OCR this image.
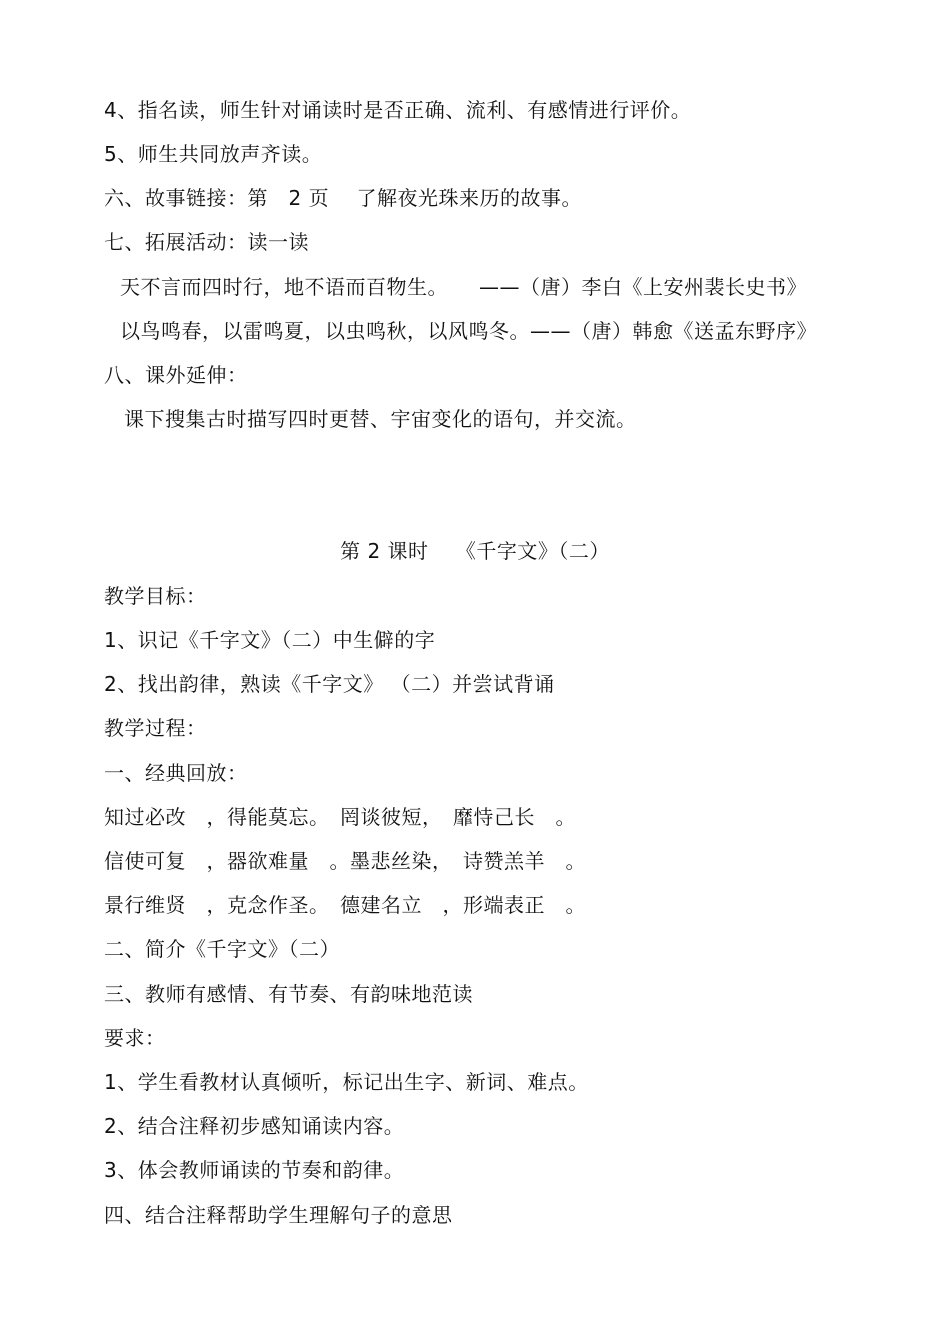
4、指名读，师生针对诵读时是否正确、流利、有感情进行评价。
5、师生共同放声齐读。
六、故事链接：第　2 页　 了解夜光珠来历的故事。
七、拓展活动：读一读
天不言而四时行，地不语而百物生。　　——（唐）李白《上安州裴长史书》
以鸟鸣春，以雷鸣夏，以虫鸣秋，以风鸣冬。——（唐）韩愈《送孟东野序》
八、课外延伸：
课下搜集古时描写四时更替、宇宙变化的语句，并交流。
第 2 课时　 《千字文》（二）
教学目标：
1、识记《千字文》（二）中生僻的字
2、找出韵律，熟读《千字文》 （二）并尝试背诵
教学过程：
一、经典回放：
知过必改　，得能莫忘。　罔谈彼短，　靡恃己长　。
信使可复　，器欲难量　。墨悲丝染，　诗赞羔羊　。
景行维贤　，克念作圣。　德建名立　，形端表正　。
二、简介《千字文》（二）
三、教师有感情、有节奏、有韵味地范读
要求：
1、学生看教材认真倾听，标记出生字、新词、难点。
2、结合注释初步感知诵读内容。
3、体会教师诵读的节奏和韵律。
四、结合注释帮助学生理解句子的意思
